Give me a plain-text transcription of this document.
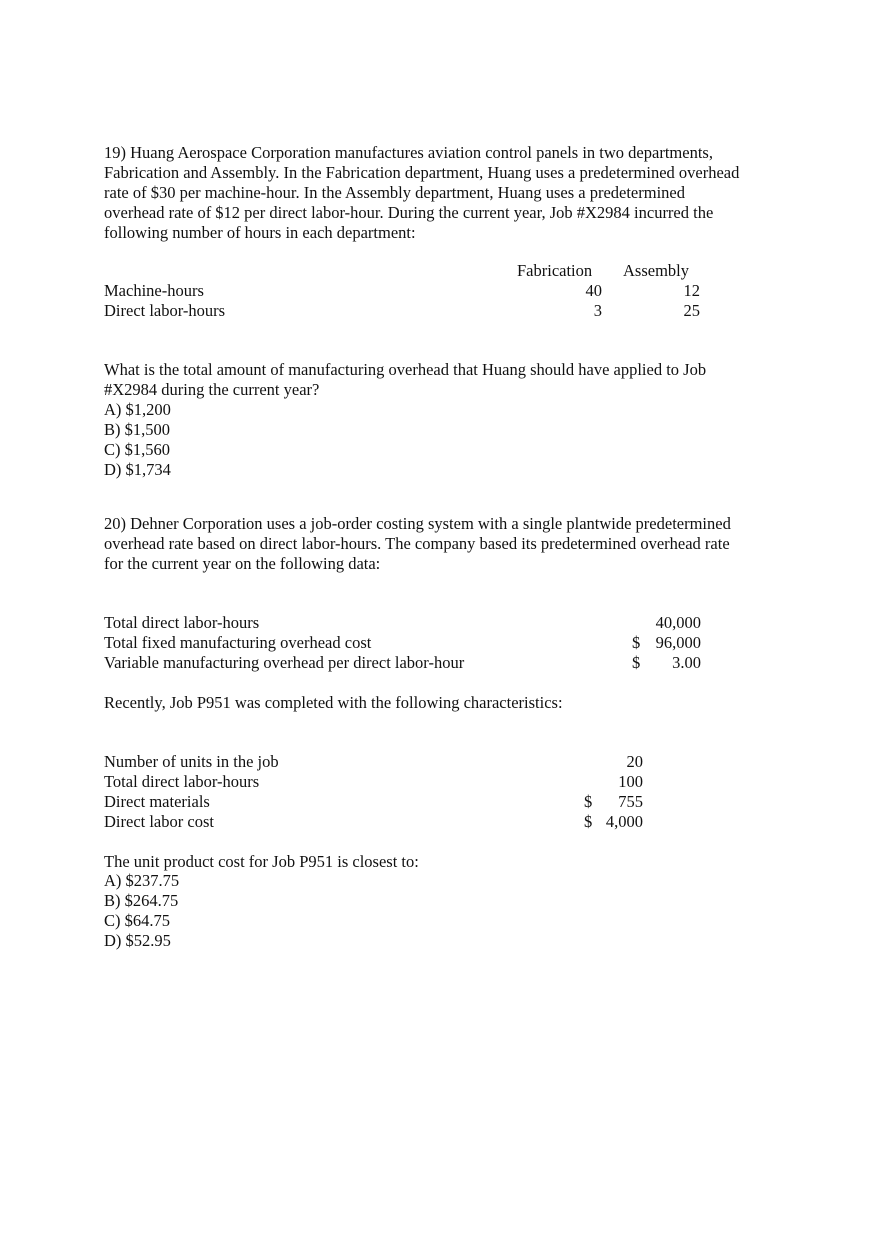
19) Huang Aerospace Corporation manufactures aviation control panels in two departments,
Fabrication and Assembly. In the Fabrication department, Huang uses a predetermined overhead
rate of $30 per machine-hour. In the Assembly department, Huang uses a predetermined
overhead rate of $12 per direct labor-hour. During the current year, Job #X2984 incurred the
following number of hours in each department:
Fabrication Assembly
Machine-hours	40	12
Direct labor-hours	3	25
What is the total amount of manufacturing overhead that Huang should have applied to Job
#X2984 during the current year?
A) $1,200
B) $1,500
C) $1,560
D) $1,734
20) Dehner Corporation uses a job-order costing system with a single plantwide predetermined
overhead rate based on direct labor-hours. The company based its predetermined overhead rate
for the current year on the following data:
Total direct labor-hours	40,000
Total fixed manufacturing overhead cost	$ 96,000
Variable manufacturing overhead per direct labor-hour	$	3.00
Recently, Job P951 was completed with the following characteristics:
Number of units in the job	20
Total direct labor-hours	100
Direct materials	$	755
Direct labor cost	$ 4,000
The unit product cost for Job P951 is closest to:
A) $237.75
B) $264.75
C) $64.75
D) $52.95
